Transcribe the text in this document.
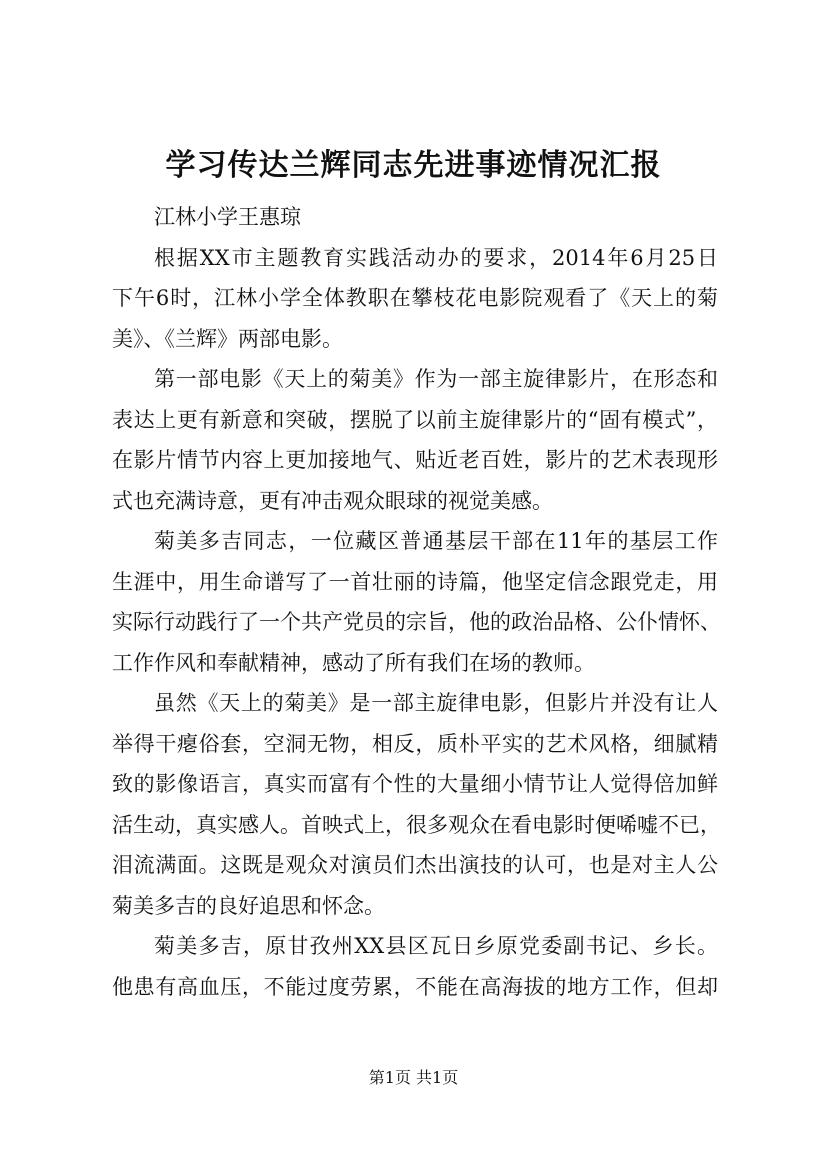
学习传达兰辉同志先进事迹情况汇报
江林小学王惠琼
根据XX市主题教育实践活动办的要求，2014年6月25日
下午6时，江林小学全体教职在攀枝花电影院观看了《天上的菊
美》、《兰辉》两部电影。
第一部电影《天上的菊美》作为一部主旋律影片，在形态和
表达上更有新意和突破，摆脱了以前主旋律影片的“固有模式”，
在影片情节内容上更加接地气、贴近老百姓，影片的艺术表现形
式也充满诗意，更有冲击观众眼球的视觉美感。
菊美多吉同志，一位藏区普通基层干部在11年的基层工作
生涯中，用生命谱写了一首壮丽的诗篇，他坚定信念跟党走，用
实际行动践行了一个共产党员的宗旨，他的政治品格、公仆情怀、
工作作风和奉献精神，感动了所有我们在场的教师。
虽然《天上的菊美》是一部主旋律电影，但影片并没有让人
举得干瘪俗套，空洞无物，相反，质朴平实的艺术风格，细腻精
致的影像语言，真实而富有个性的大量细小情节让人觉得倍加鲜
活生动，真实感人。首映式上，很多观众在看电影时便唏嘘不已，
泪流满面。这既是观众对演员们杰出演技的认可，也是对主人公
菊美多吉的良好追思和怀念。
菊美多吉，原甘孜州XX县区瓦日乡原党委副书记、乡长。
他患有高血压，不能过度劳累，不能在高海拔的地方工作，但却
第1页 共1页
